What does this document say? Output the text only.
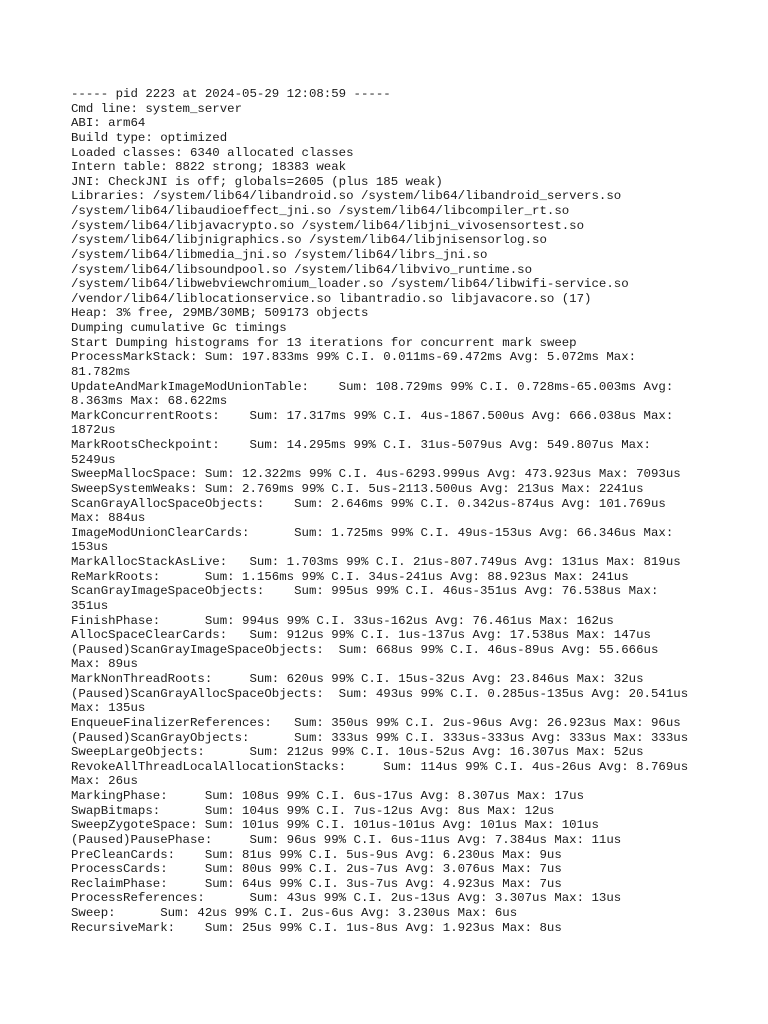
----- pid 2223 at 2024-05-29 12:08:59 -----
Cmd line: system_server
ABI: arm64
Build type: optimized
Loaded classes: 6340 allocated classes
Intern table: 8822 strong; 18383 weak
JNI: CheckJNI is off; globals=2605 (plus 185 weak)
Libraries: /system/lib64/libandroid.so /system/lib64/libandroid_servers.so
/system/lib64/libaudioeffect_jni.so /system/lib64/libcompiler_rt.so
/system/lib64/libjavacrypto.so /system/lib64/libjni_vivosensortest.so
/system/lib64/libjnigraphics.so /system/lib64/libjnisensorlog.so
/system/lib64/libmedia_jni.so /system/lib64/librs_jni.so
/system/lib64/libsoundpool.so /system/lib64/libvivo_runtime.so
/system/lib64/libwebviewchromium_loader.so /system/lib64/libwifi-service.so
/vendor/lib64/liblocationservice.so libantradio.so libjavacore.so (17)
Heap: 3% free, 29MB/30MB; 509173 objects
Dumping cumulative Gc timings
Start Dumping histograms for 13 iterations for concurrent mark sweep
ProcessMarkStack: Sum: 197.833ms 99% C.I. 0.011ms-69.472ms Avg: 5.072ms Max:
81.782ms
UpdateAndMarkImageModUnionTable:    Sum: 108.729ms 99% C.I. 0.728ms-65.003ms Avg:
8.363ms Max: 68.622ms
MarkConcurrentRoots:    Sum: 17.317ms 99% C.I. 4us-1867.500us Avg: 666.038us Max:
1872us
MarkRootsCheckpoint:    Sum: 14.295ms 99% C.I. 31us-5079us Avg: 549.807us Max:
5249us
SweepMallocSpace: Sum: 12.322ms 99% C.I. 4us-6293.999us Avg: 473.923us Max: 7093us
SweepSystemWeaks: Sum: 2.769ms 99% C.I. 5us-2113.500us Avg: 213us Max: 2241us
ScanGrayAllocSpaceObjects:    Sum: 2.646ms 99% C.I. 0.342us-874us Avg: 101.769us
Max: 884us
ImageModUnionClearCards:      Sum: 1.725ms 99% C.I. 49us-153us Avg: 66.346us Max:
153us
MarkAllocStackAsLive:   Sum: 1.703ms 99% C.I. 21us-807.749us Avg: 131us Max: 819us
ReMarkRoots:      Sum: 1.156ms 99% C.I. 34us-241us Avg: 88.923us Max: 241us
ScanGrayImageSpaceObjects:    Sum: 995us 99% C.I. 46us-351us Avg: 76.538us Max:
351us
FinishPhase:      Sum: 994us 99% C.I. 33us-162us Avg: 76.461us Max: 162us
AllocSpaceClearCards:   Sum: 912us 99% C.I. 1us-137us Avg: 17.538us Max: 147us
(Paused)ScanGrayImageSpaceObjects:  Sum: 668us 99% C.I. 46us-89us Avg: 55.666us
Max: 89us
MarkNonThreadRoots:     Sum: 620us 99% C.I. 15us-32us Avg: 23.846us Max: 32us
(Paused)ScanGrayAllocSpaceObjects:  Sum: 493us 99% C.I. 0.285us-135us Avg: 20.541us
Max: 135us
EnqueueFinalizerReferences:   Sum: 350us 99% C.I. 2us-96us Avg: 26.923us Max: 96us
(Paused)ScanGrayObjects:      Sum: 333us 99% C.I. 333us-333us Avg: 333us Max: 333us
SweepLargeObjects:      Sum: 212us 99% C.I. 10us-52us Avg: 16.307us Max: 52us
RevokeAllThreadLocalAllocationStacks:     Sum: 114us 99% C.I. 4us-26us Avg: 8.769us
Max: 26us
MarkingPhase:     Sum: 108us 99% C.I. 6us-17us Avg: 8.307us Max: 17us
SwapBitmaps:      Sum: 104us 99% C.I. 7us-12us Avg: 8us Max: 12us
SweepZygoteSpace: Sum: 101us 99% C.I. 101us-101us Avg: 101us Max: 101us
(Paused)PausePhase:     Sum: 96us 99% C.I. 6us-11us Avg: 7.384us Max: 11us
PreCleanCards:    Sum: 81us 99% C.I. 5us-9us Avg: 6.230us Max: 9us
ProcessCards:     Sum: 80us 99% C.I. 2us-7us Avg: 3.076us Max: 7us
ReclaimPhase:     Sum: 64us 99% C.I. 3us-7us Avg: 4.923us Max: 7us
ProcessReferences:      Sum: 43us 99% C.I. 2us-13us Avg: 3.307us Max: 13us
Sweep:      Sum: 42us 99% C.I. 2us-6us Avg: 3.230us Max: 6us
RecursiveMark:    Sum: 25us 99% C.I. 1us-8us Avg: 1.923us Max: 8us
